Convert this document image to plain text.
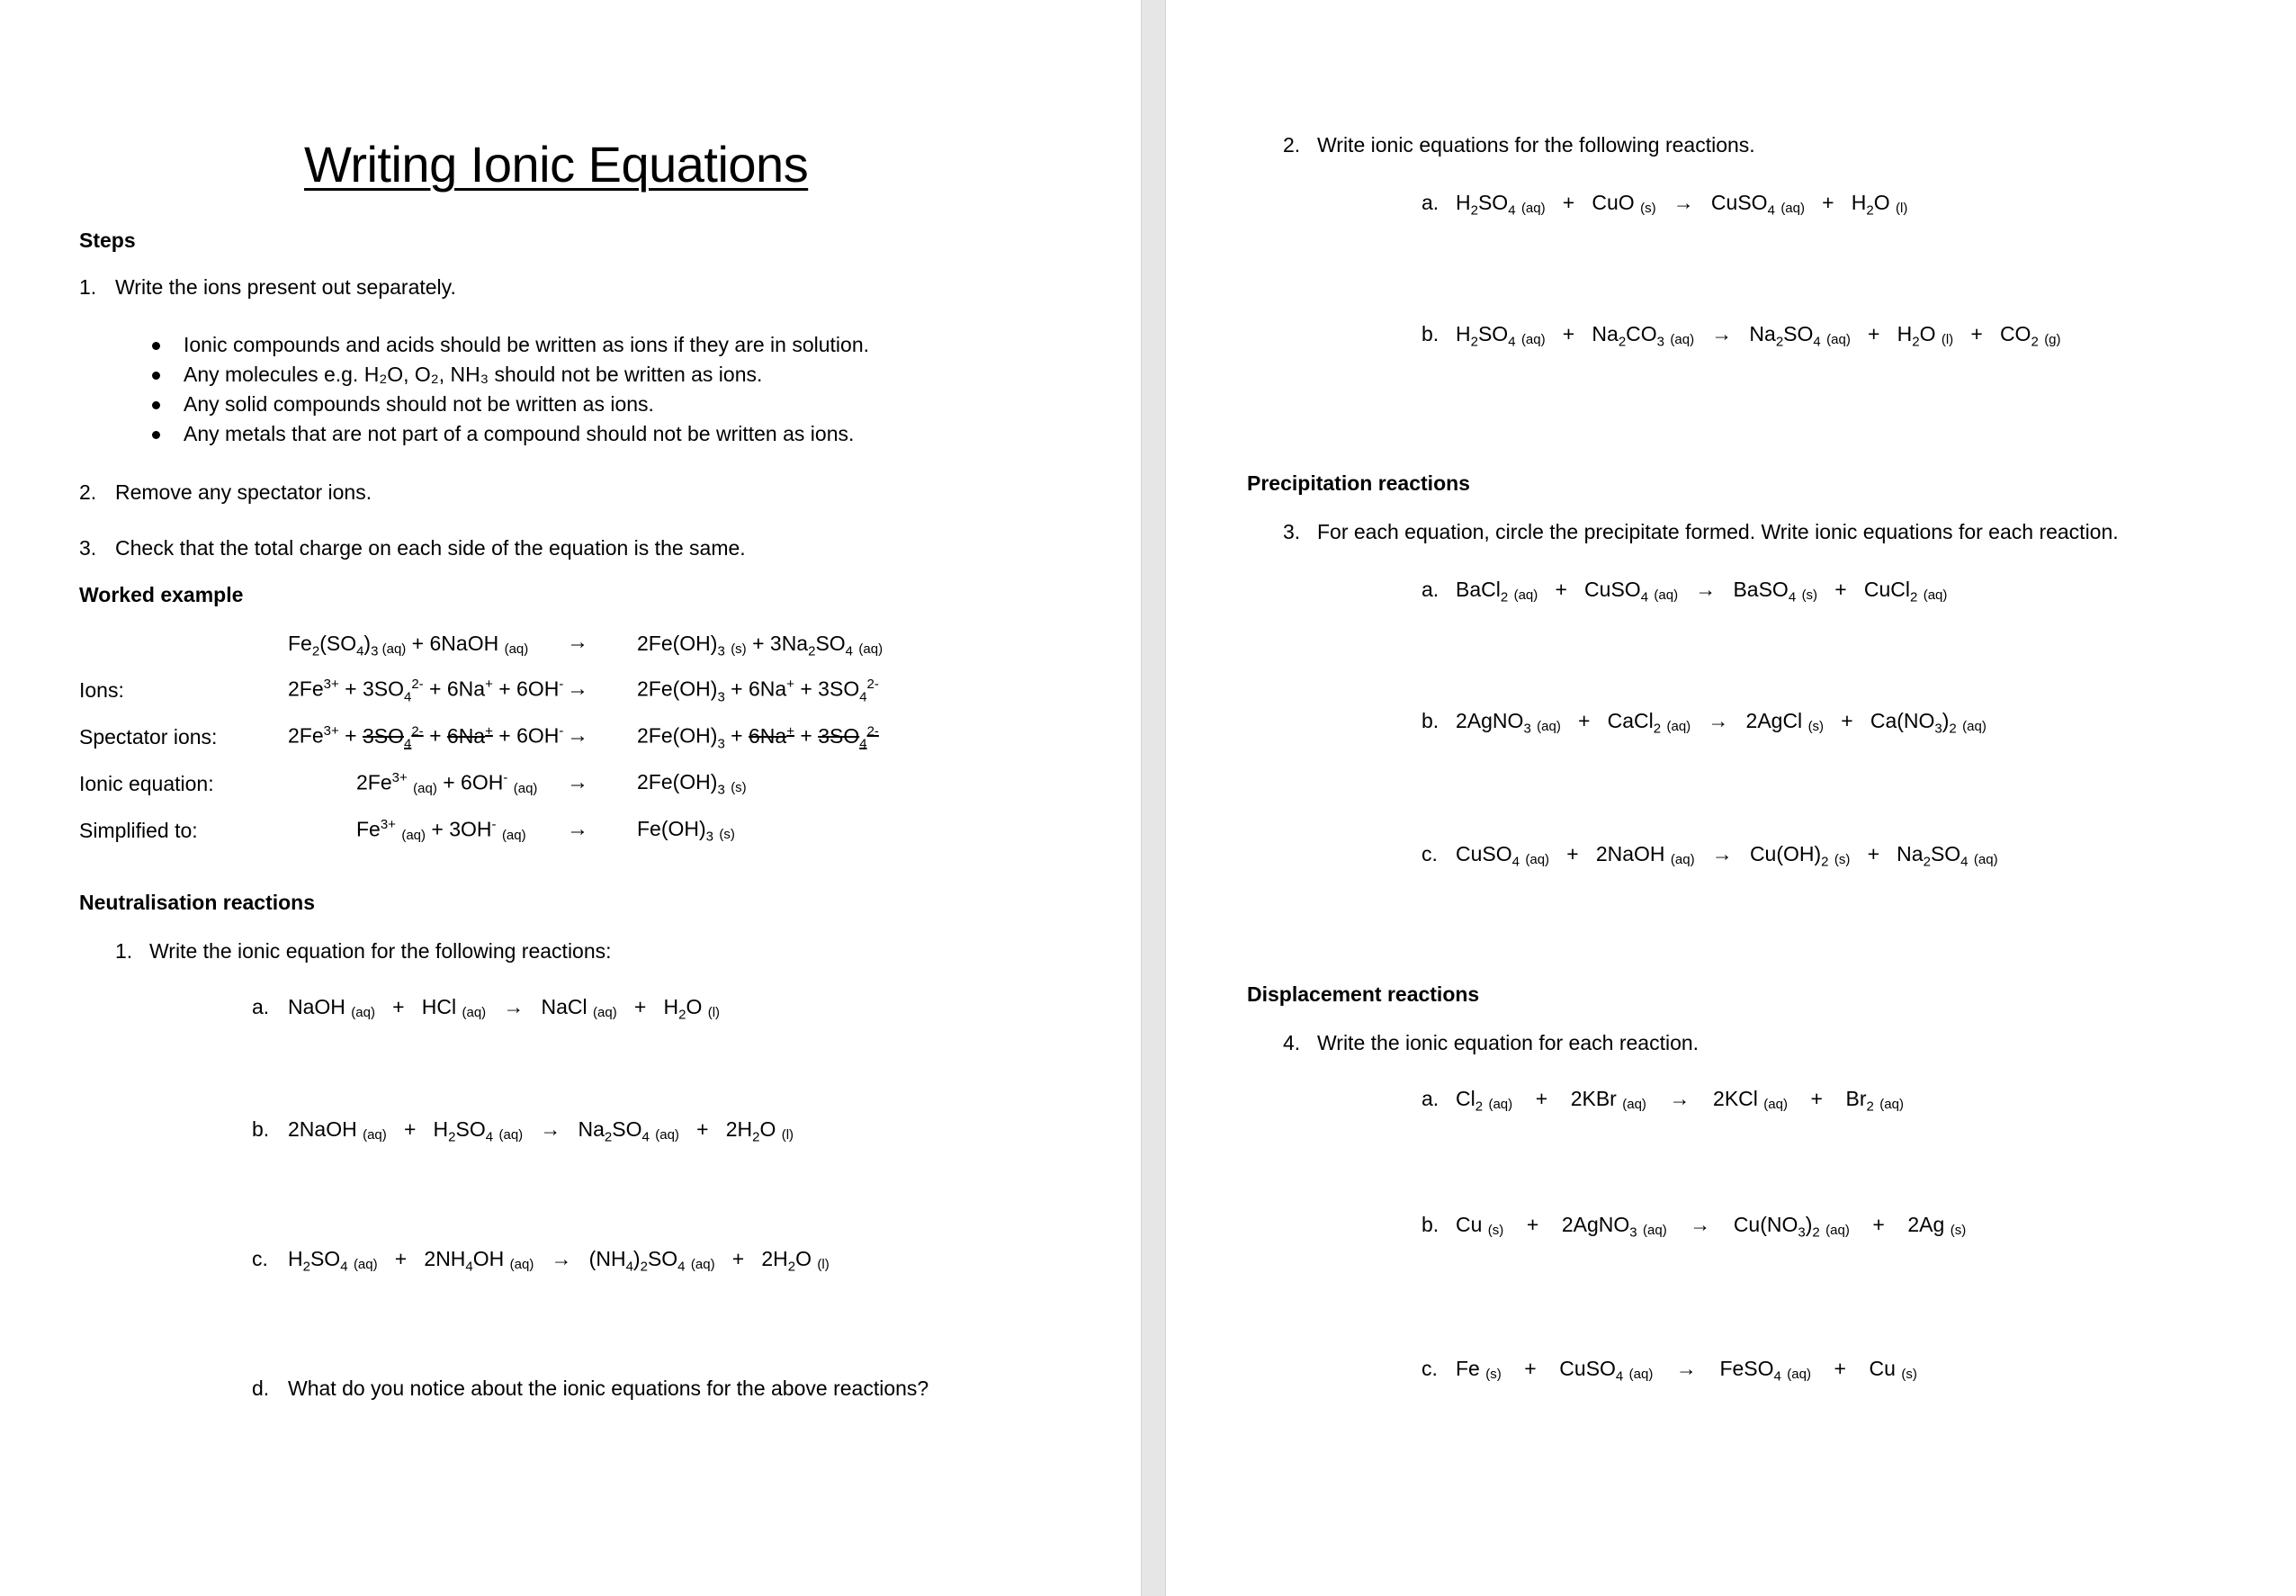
Writing Ionic Equations
Steps
1. Write the ions present out separately.
Ionic compounds and acids should be written as ions if they are in solution.
Any molecules e.g. H₂O, O₂, NH₃ should not be written as ions.
Any solid compounds should not be written as ions.
Any metals that are not part of a compound should not be written as ions.
2. Remove any spectator ions.
3. Check that the total charge on each side of the equation is the same.
Worked example
$Fe_2(SO_4)_3$ (aq) + 6NaOH $(aq) \to 2Fe(OH)_3$ $(s) + 3Na_2SO_4$ (aq)
Ions:	$2Fe^{3+} + 3SO_4^{2-} + 6Na^+ + 6OH^- \to 2Fe(OH)_3 + 6Na^+ + 3SO_4^{2-}$
Spectator ions:	$2Fe^{3+} + 3SO_4^{2-} + 6Na^+ + 6OH^- \to 2Fe(OH)_3 + 6Na^+ + 3SO_4^{2-}$
Ionic equation:	$2Fe^{3+}$ (aq) + 6OH- $(aq) \to 2Fe(OH)_3$ (s)
Simplified to:	$Fe^{3+}$ (aq) + 3OH- $(aq) \to Fe(OH)_3$ (s)
Neutralisation reactions
1. Write the ionic equation for the following reactions:
a. NaOH (aq)   +   HCl (aq)   →   NaCl $(aq) + H_2O$ (l)
b. 2NaOH $(aq) + H_2SO_4$ $(aq) \to Na_2SO_4$ $(aq) + 2H_2O$ (l)
c. $H_2SO_4$ $(aq) + 2NH_4OH$ $(aq) \to (NH_4)_2SO_4$ $(aq) + 2H_2O$ (l)
d. What do you notice about the ionic equations for the above reactions?
2. Write ionic equations for the following reactions.
a. $H_2SO_4$ (aq)   +   CuO (s)   →   CuSO$_4$ $(aq) + H_2O$ (l)
b. $H_2SO_4$ $(aq) + Na_2CO_3$ $(aq) \to Na_2SO_4$ $(aq) + H_2O$ $(l) + CO_2$ (g)
Precipitation reactions
3. For each equation, circle the precipitate formed. Write ionic equations for each reaction.
a. BaCl$_2$ (aq)   +   CuSO$_4$ (aq)   →   BaSO$_4$ (s)   +   CuCl$_2$ (aq)
b. 2AgNO$_3$ (aq)   +   CaCl$_2$ (aq)   →   2AgCl $(s) + Ca(NO_3)_2$ (aq)
c. CuSO$_4$ (aq)   +   2NaOH $(aq) \to Cu(OH)_2$ $(s) + Na_2SO_4$ (aq)
Displacement reactions
4. Write the ionic equation for each reaction.
a. $Cl_2$ (aq)    +    2KBr (aq)    →    2KCl (aq)    +    $Br_2$ (aq)
b. Cu (s)    +    2AgNO$_3$ (aq)    →    $Cu(NO_3)_2$ (aq)    +    2Ag (s)
c. Fe (s)    +    CuSO$_4$ (aq)    →    FeSO$_4$ (aq)    +    Cu (s)
